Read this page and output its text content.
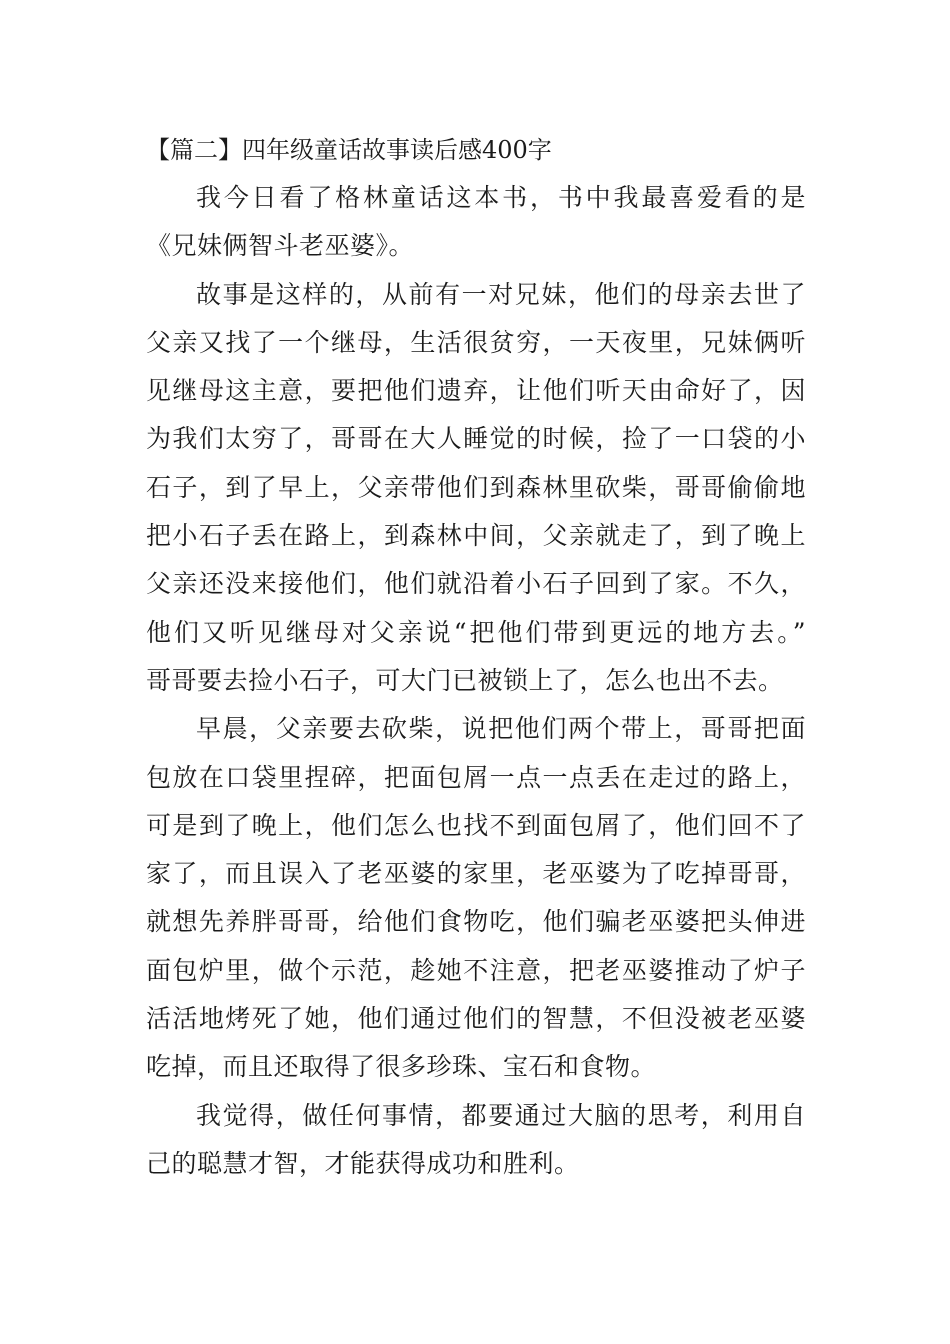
【篇二】四年级童话故事读后感400字
我今日看了格林童话这本书，书中我最喜爱看的是
《兄妹俩智斗老巫婆》。
故事是这样的，从前有一对兄妹，他们的母亲去世了
父亲又找了一个继母，生活很贫穷，一天夜里，兄妹俩听
见继母这主意，要把他们遗弃，让他们听天由命好了，因
为我们太穷了，哥哥在大人睡觉的时候，捡了一口袋的小
石子，到了早上，父亲带他们到森林里砍柴，哥哥偷偷地
把小石子丢在路上，到森林中间，父亲就走了，到了晚上
父亲还没来接他们，他们就沿着小石子回到了家。不久，
他们又听见继母对父亲说“把他们带到更远的地方去。”
哥哥要去捡小石子，可大门已被锁上了，怎么也出不去。
早晨，父亲要去砍柴，说把他们两个带上，哥哥把面
包放在口袋里捏碎，把面包屑一点一点丢在走过的路上，
可是到了晚上，他们怎么也找不到面包屑了，他们回不了
家了，而且误入了老巫婆的家里，老巫婆为了吃掉哥哥，
就想先养胖哥哥，给他们食物吃，他们骗老巫婆把头伸进
面包炉里，做个示范，趁她不注意，把老巫婆推动了炉子
活活地烤死了她，他们通过他们的智慧，不但没被老巫婆
吃掉，而且还取得了很多珍珠、宝石和食物。
我觉得，做任何事情，都要通过大脑的思考，利用自
己的聪慧才智，才能获得成功和胜利。
